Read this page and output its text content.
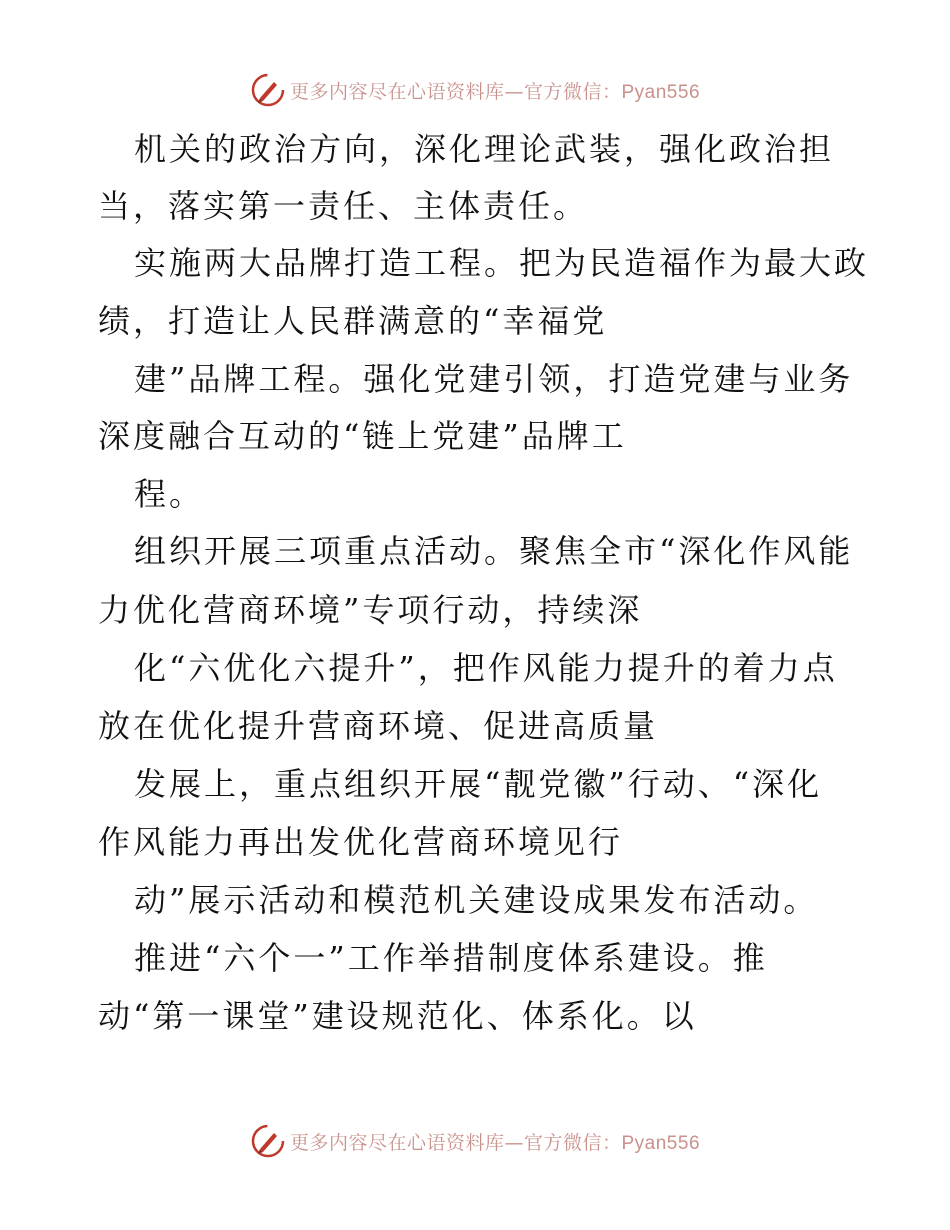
更多内容尽在心语资料库—官方微信：Pyan556
机关的政治方向，深化理论武装，强化政治担
当，落实第一责任、主体责任。
实施两大品牌打造工程。把为民造福作为最大政
绩，打造让人民群满意的“幸福党
建”品牌工程。强化党建引领，打造党建与业务
深度融合互动的“链上党建”品牌工
程。
组织开展三项重点活动。聚焦全市“深化作风能
力优化营商环境”专项行动，持续深
化“六优化六提升”，把作风能力提升的着力点
放在优化提升营商环境、促进高质量
发展上，重点组织开展“靓党徽”行动、“深化
作风能力再出发优化营商环境见行
动”展示活动和模范机关建设成果发布活动。
推进“六个一”工作举措制度体系建设。推
动“第一课堂”建设规范化、体系化。以
更多内容尽在心语资料库—官方微信：Pyan556
